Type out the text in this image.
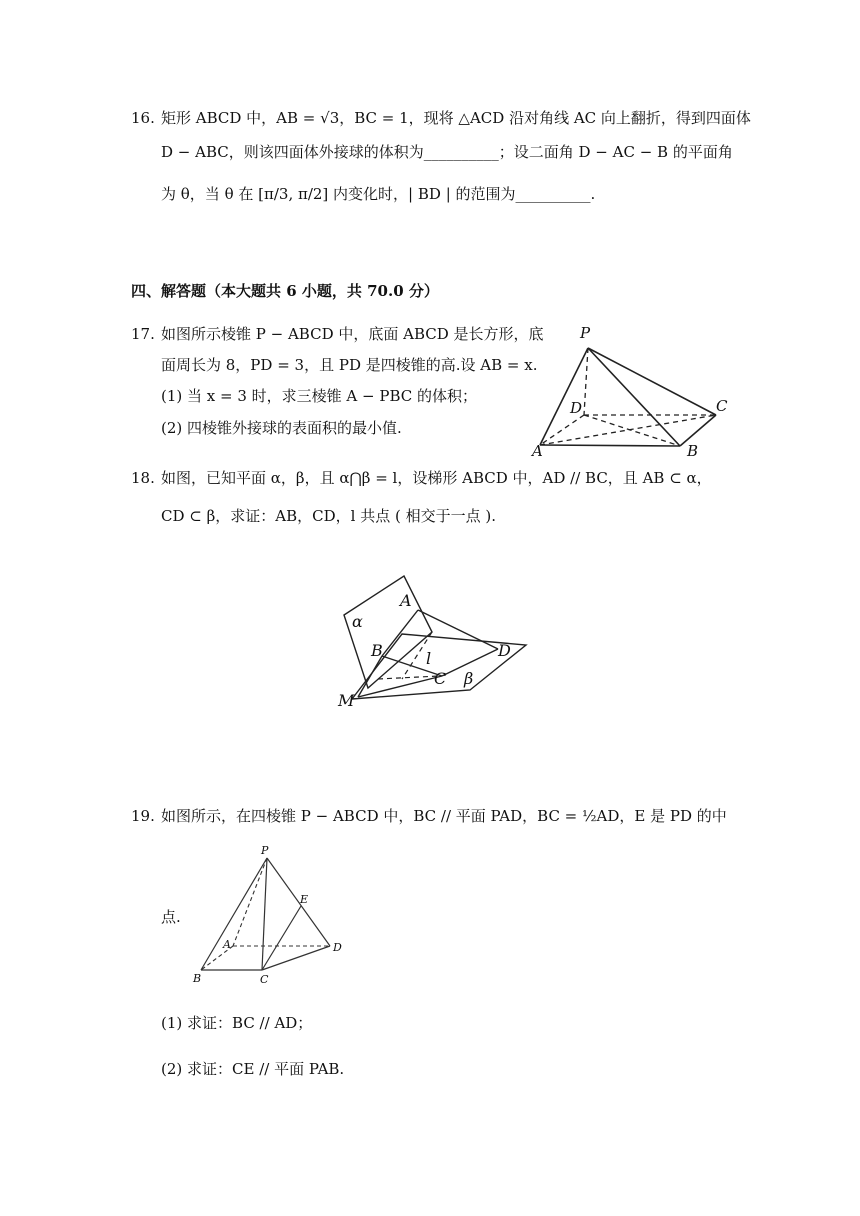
16. 矩形 ABCD 中，AB = √3，BC = 1，现将 △ACD 沿对角线 AC 向上翻折，得到四面体
D − ABC，则该四面体外接球的体积为__________；设二面角 D − AC − B 的平面角
为 θ，当 θ 在 [π/3, π/2] 内变化时，| BD | 的范围为__________.
四、解答题（本大题共 6 小题，共 70.0 分）
17. 如图所示棱锥 P − ABCD 中，底面 ABCD 是长方形，底
面周长为 8，PD = 3，且 PD 是四棱锥的高.设 AB = x.
(1) 当 x = 3 时，求三棱锥 A − PBC 的体积；
(2) 四棱锥外接球的表面积的最小值.
P
D	C
A	B
18. 如图，已知平面 α，β，且 α⋂β = l，设梯形 ABCD 中，AD // BC，且 AB ⊂ α，
CD ⊂ β，求证：AB，CD，l 共点 ( 相交于一点 ).
α
A
B	l	D
C β
M
19. 如图所示，在四棱锥 P − ABCD 中，BC // 平面 PAD，BC = ½AD，E 是 PD 的中
点.
P
E
A	D
B	C
(1) 求证：BC // AD；
(2) 求证：CE // 平面 PAB.
